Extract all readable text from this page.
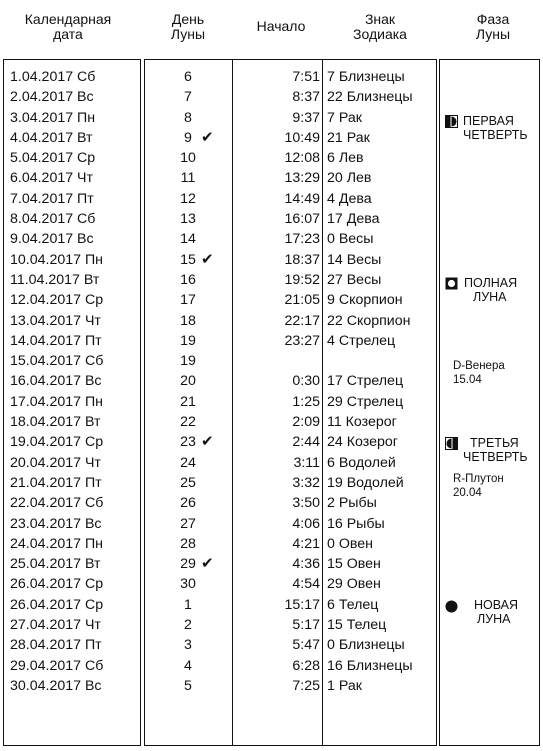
Календарная
дата
День
Луны	Начало	Знак
Зодиака
Фаза
Луны
1.04.2017 Сб
2.04.2017 Вс
3.04.2017 Пн
4.04.2017 Вт
5.04.2017 Ср
6.04.2017 Чт
7.04.2017 Пт
8.04.2017 Сб
9.04.2017 Вс
10.04.2017 Пн
11.04.2017 Вт
12.04.2017 Ср
13.04.2017 Чт
14.04.2017 Пт
15.04.2017 Сб
16.04.2017 Вс
17.04.2017 Пн
18.04.2017 Вт
19.04.2017 Ср
20.04.2017 Чт
21.04.2017 Пт
22.04.2017 Сб
23.04.2017 Вс
24.04.2017 Пн
25.04.2017 Вт
26.04.2017 Ср
26.04.2017 Ср
27.04.2017 Чт
28.04.2017 Пт
29.04.2017 Сб
30.04.2017 Вс
6
7
8
9 ✔
10
11
12
13
14
15 ✔
16
17
18
19
19
20
21
22
23 ✔
24
25
26
27
28
29 ✔
30
1
2
3
4
5
7:51
8:37
9:37
10:49
12:08
13:29
14:49
16:07
17:23
18:37
19:52
21:05
22:17
23:27
0:30
1:25
2:09
2:44
3:11
3:32
3:50
4:06
4:21
4:36
4:54
15:17
5:17
5:47
6:28
7:25
7 Близнецы
22 Близнецы
7 Рак
21 Рак
6 Лев
20 Лев
4 Дева
17 Дева
0 Весы
14 Весы
27 Весы
9 Скорпион
22 Скорпион
4 Стрелец
17 Стрелец
29 Стрелец
11 Козерог
24 Козерог
6 Водолей
19 Водолей
2 Рыбы
16 Рыбы
0 Овен
15 Овен
29 Овен
6 Телец
15 Телец
0 Близнецы
16 Близнецы
1 Рак
ПЕРВАЯ
ЧЕТВЕРТЬ
ПОЛНАЯ
ЛУНА
D-Венера
15.04
ТРЕТЬЯ
ЧЕТВЕРТЬ
R-Плутон
20.04
НОВАЯ
ЛУНА
